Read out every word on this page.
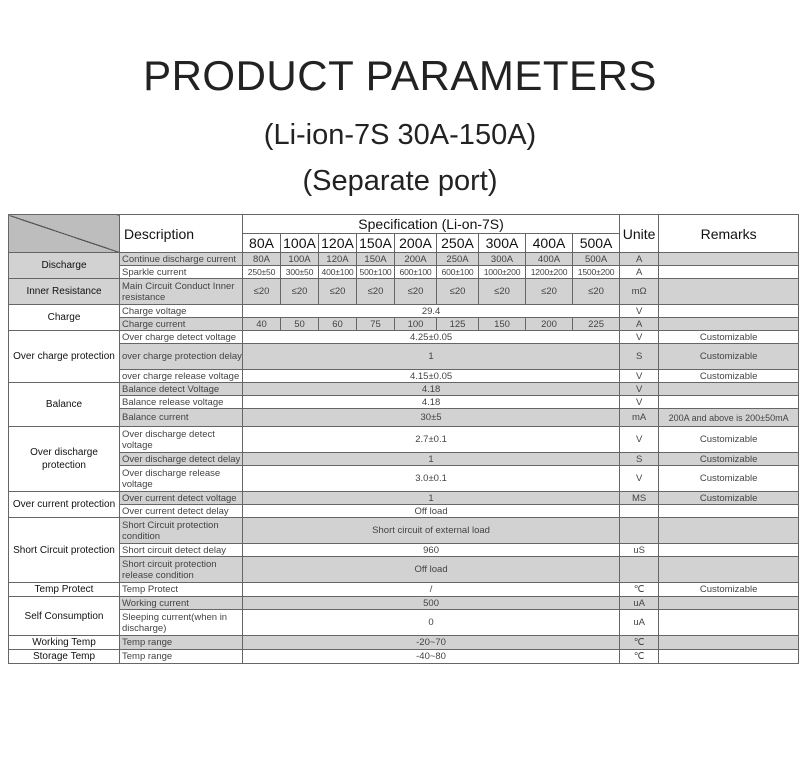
PRODUCT PARAMETERS
(Li-ion-7S 30A-150A)
(Separate port)
	Description	Specification (Li-on-7S)									Unite	Remarks
		80A	100A	120A	150A	200A	250A	300A	400A	500A		
Discharge	Continue discharge current	80A	100A	120A	150A	200A	250A	300A	400A	500A	A	
	Sparkle current	250±50	300±50	400±100	500±100	600±100	600±100	1000±200	1200±200	1500±200	A	
Inner Resistance	Main Circuit Conduct Inner resistance	≤20	≤20	≤20	≤20	≤20	≤20	≤20	≤20	≤20	mΩ	
Charge	Charge voltage	29.4									V	
	Charge current	40	50	60	75	100	125	150	200	225	A	
Over charge protection	Over charge detect voltage	4.25±0.05									V	Customizable
	over charge protection delay	1									S	Customizable
	over charge release voltage	4.15±0.05									V	Customizable
Balance	Balance detect Voltage	4.18									V	
	Balance release voltage	4.18									V	
	Balance current	30±5									mA	200A and above is 200±50mA
Over discharge protection	Over discharge detect voltage	2.7±0.1									V	Customizable
	Over discharge detect delay	1									S	Customizable
	Over discharge release voltage	3.0±0.1									V	Customizable
Over current protection	Over current detect voltage	1									MS	Customizable
	Over current detect delay	Off load										
Short Circuit protection	Short Circuit protection condition	Short circuit of external load										
	Short circuit detect delay	960									uS	
	Short circuit protection release condition	Off load										
Temp Protect	Temp Protect	/									℃	Customizable
Self Consumption	Working current	500									uA	
	Sleeping current(when in discharge)	0									uA	
Working Temp	Temp range	-20~70									℃	
Storage Temp	Temp range	-40~80									℃	
